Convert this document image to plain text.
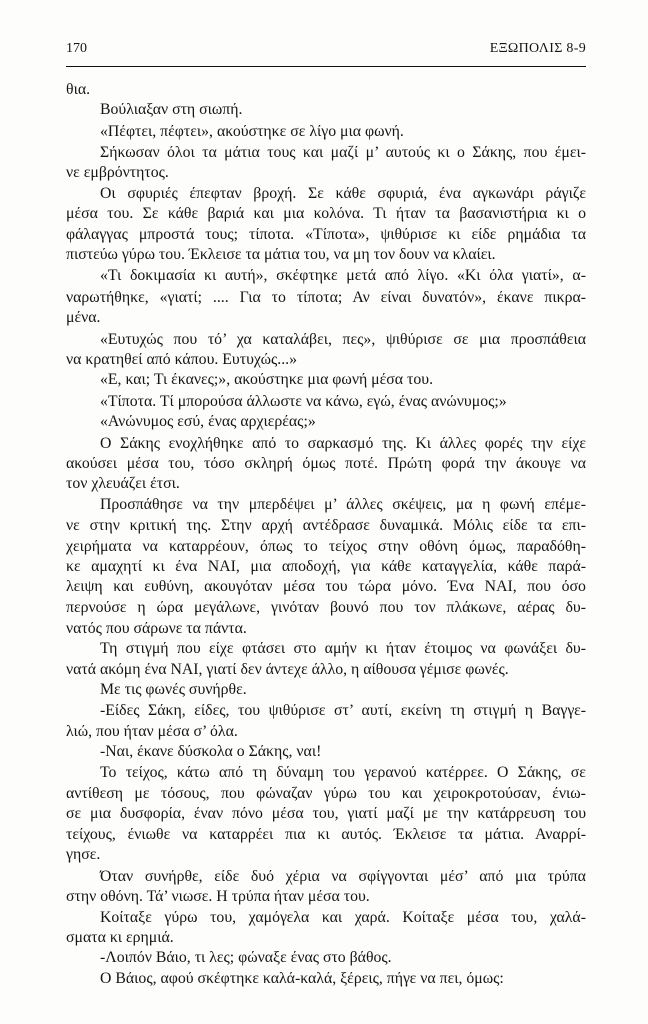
170	ΕΞΩΠΟΛΙΣ 8-9
θια.
Βούλιαξαν στη σιωπή.
«Πέφτει, πέφτει», ακούστηκε σε λίγο μια φωνή.
Σήκωσαν όλοι τα μάτια τους και μαζί μ’ αυτούς κι ο Σάκης, που έμει-
νε εμβρόντητος.
Οι σφυριές έπεφταν βροχή. Σε κάθε σφυριά, ένα αγκωνάρι ράγιζε
μέσα του. Σε κάθε βαριά και μια κολόνα. Τι ήταν τα βασανιστήρια κι ο
φάλαγγας μπροστά τους; τίποτα. «Τίποτα», ψιθύρισε κι είδε ρημάδια τα
πιστεύω γύρω του. Έκλεισε τα μάτια του, να μη τον δουν να κλαίει.
«Τι δοκιμασία κι αυτή», σκέφτηκε μετά από λίγο. «Κι όλα γιατί», α-
ναρωτήθηκε, «γιατί; .... Για το τίποτα; Αν είναι δυνατόν», έκανε πικρα-
μένα.
«Ευτυχώς που τό’ χα καταλάβει, πες», ψιθύρισε σε μια προσπάθεια
να κρατηθεί από κάπου. Ευτυχώς...»
«Ε, και; Τι έκανες;», ακούστηκε μια φωνή μέσα του.
«Τίποτα. Τί μπορούσα άλλωστε να κάνω, εγώ, ένας ανώνυμος;»
«Ανώνυμος εσύ, ένας αρχιερέας;»
Ο Σάκης ενοχλήθηκε από το σαρκασμό της. Κι άλλες φορές την είχε
ακούσει μέσα του, τόσο σκληρή όμως ποτέ. Πρώτη φορά την άκουγε να
τον χλευάζει έτσι.
Προσπάθησε να την μπερδέψει μ’ άλλες σκέψεις, μα η φωνή επέμε-
νε στην κριτική της. Στην αρχή αντέδρασε δυναμικά. Μόλις είδε τα επι-
χειρήματα να καταρρέουν, όπως το τείχος στην οθόνη όμως, παραδόθη-
κε αμαχητί κι ένα ΝΑΙ, μια αποδοχή, για κάθε καταγγελία, κάθε παρά-
λειψη και ευθύνη, ακουγόταν μέσα του τώρα μόνο. Ένα ΝΑΙ, που όσο
περνούσε η ώρα μεγάλωνε, γινόταν βουνό που τον πλάκωνε, αέρας δυ-
νατός που σάρωνε τα πάντα.
Τη στιγμή που είχε φτάσει στο αμήν κι ήταν έτοιμος να φωνάξει δυ-
νατά ακόμη ένα ΝΑΙ, γιατί δεν άντεχε άλλο, η αίθουσα γέμισε φωνές.
Με τις φωνές συνήρθε.
-Είδες Σάκη, είδες, του ψιθύρισε στ’ αυτί, εκείνη τη στιγμή η Βαγγε-
λιώ, που ήταν μέσα σ’ όλα.
-Ναι, έκανε δύσκολα ο Σάκης, ναι!
Το τείχος, κάτω από τη δύναμη του γερανού κατέρρεε. Ο Σάκης, σε
αντίθεση με τόσους, που φώναζαν γύρω του και χειροκροτούσαν, ένιω-
σε μια δυσφορία, έναν πόνο μέσα του, γιατί μαζί με την κατάρρευση του
τείχους, ένιωθε να καταρρέει πια κι αυτός. Έκλεισε τα μάτια. Αναρρί-
γησε.
Όταν συνήρθε, είδε δυό χέρια να σφίγγονται μέσ’ από μια τρύπα
στην οθόνη. Τά’ νιωσε. Η τρύπα ήταν μέσα του.
Κοίταξε γύρω του, χαμόγελα και χαρά. Κοίταξε μέσα του, χαλά-
σματα κι ερημιά.
-Λοιπόν Βάιο, τι λες; φώναξε ένας στο βάθος.
Ο Βάιος, αφού σκέφτηκε καλά-καλά, ξέρεις, πήγε να πει, όμως:
